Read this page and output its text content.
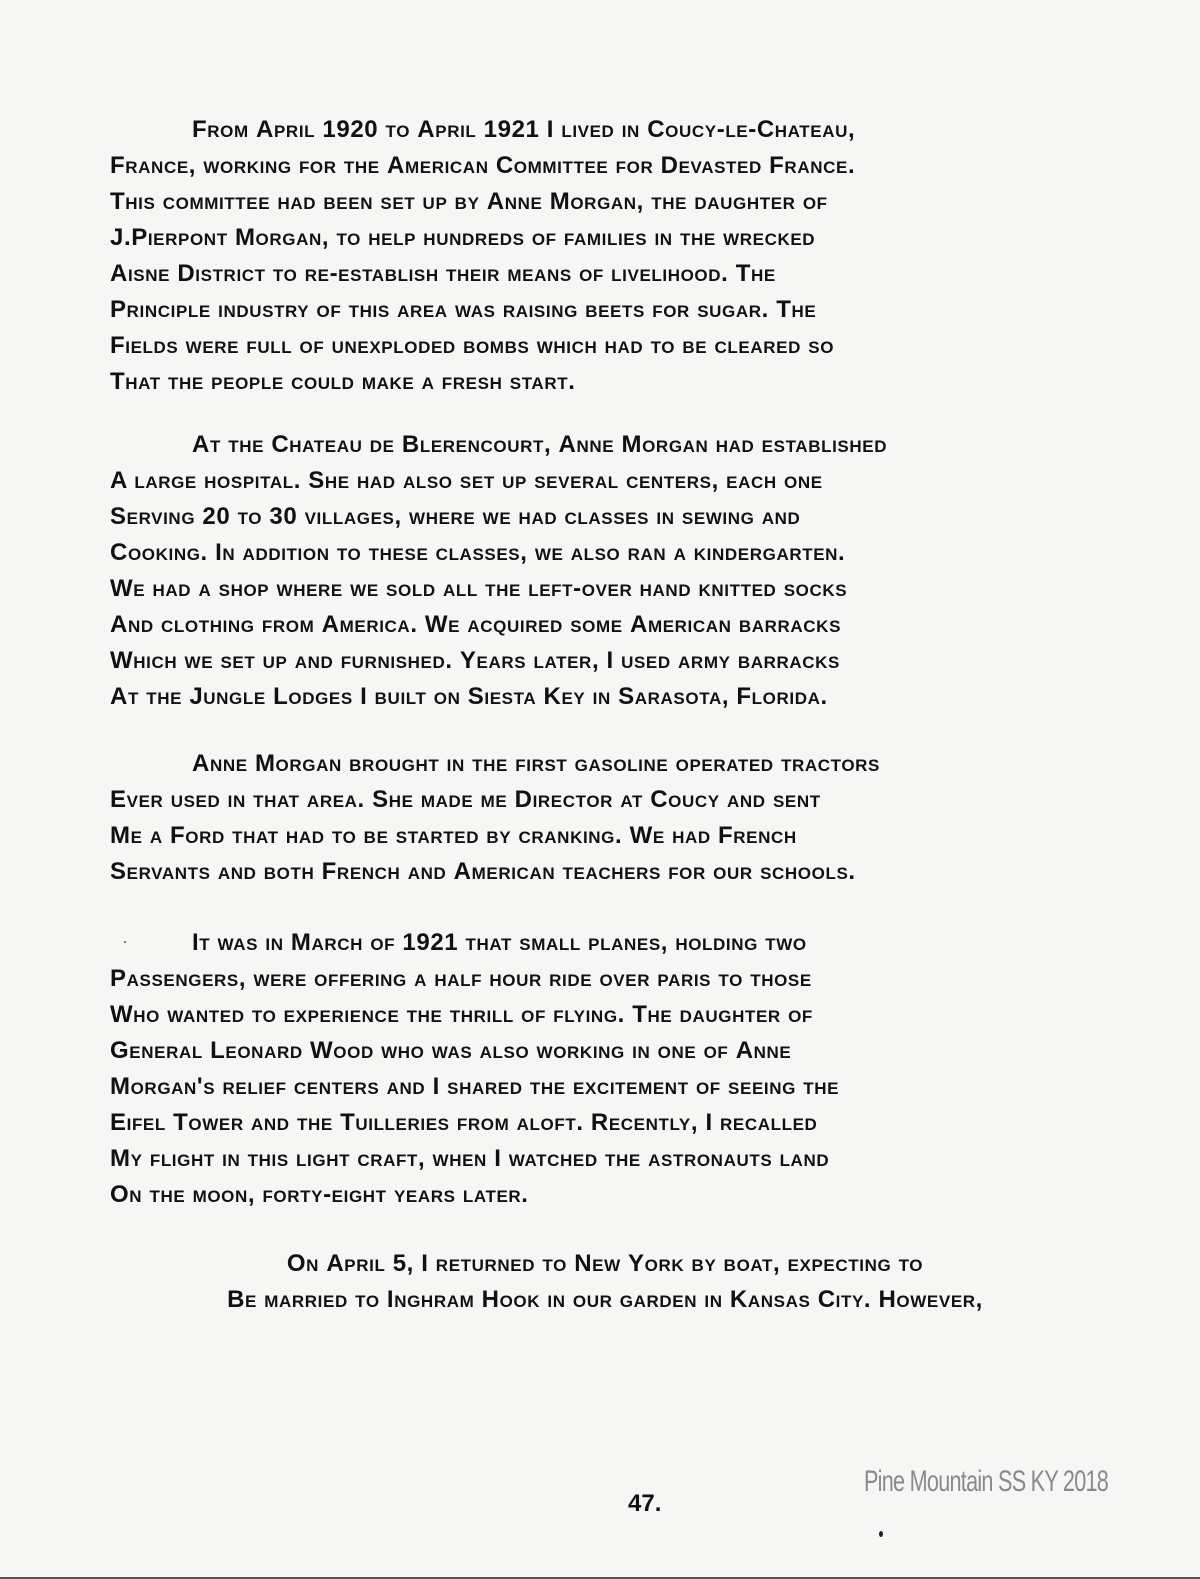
From April 1920 to April 1921 I lived in Coucy-le-Chateau,
France, working for the American Committee for Devasted France.
This committee had been set up by Anne Morgan, the daughter of
J.Pierpont Morgan, to help hundreds of families in the wrecked
Aisne District to re-establish their means of livelihood. The
Principle industry of this area was raising beets for sugar. The
Fields were full of unexploded bombs which had to be cleared so
That the people could make a fresh start.
At the Chateau de Blerencourt, Anne Morgan had established
A large hospital. She had also set up several centers, each one
Serving 20 to 30 villages, where we had classes in sewing and
Cooking. In addition to these classes, we also ran a kindergarten.
We had a shop where we sold all the left-over hand knitted socks
And clothing from America. We acquired some American barracks
Which we set up and furnished. Years later, I used army barracks
At the Jungle Lodges I built on Siesta Key in Sarasota, Florida.
Anne Morgan brought in the first gasoline operated tractors
Ever used in that area. She made me Director at Coucy and sent
Me a Ford that had to be started by cranking. We had French
Servants and both French and American teachers for our schools.
It was in March of 1921 that small planes, holding two
Passengers, were offering a half hour ride over paris to those
Who wanted to experience the thrill of flying. The daughter of
General Leonard Wood who was also working in one of Anne
Morgan's relief centers and I shared the excitement of seeing the
Eifel Tower and the Tuilleries from aloft. Recently, I recalled
My flight in this light craft, when I watched the astronauts land
On the moon, forty-eight years later.
On April 5, I returned to New York by boat, expecting to
Be married to Inghram Hook in our garden in Kansas City. However,
Pine Mountain SS KY 2018
47.
